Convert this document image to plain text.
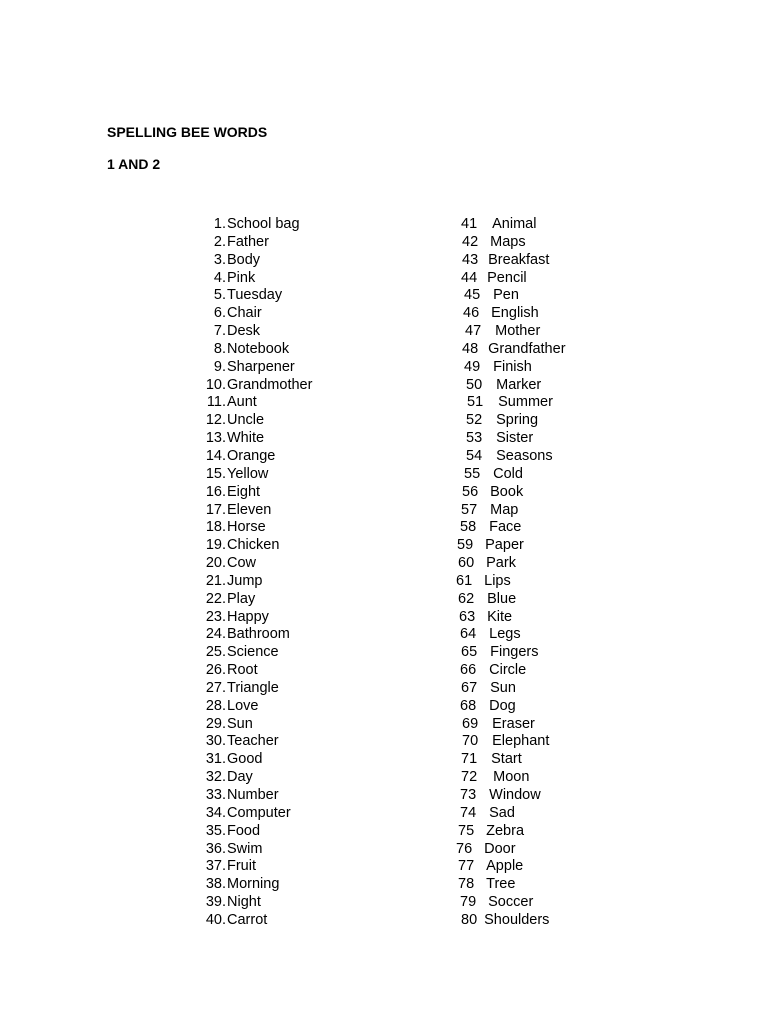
SPELLING BEE WORDS
1 AND 2
1. School bag
2. Father
3. Body
4. Pink
5. Tuesday
6. Chair
7. Desk
8. Notebook
9. Sharpener
10. Grandmother
11. Aunt
12. Uncle
13. White
14. Orange
15. Yellow
16. Eight
17. Eleven
18. Horse
19. Chicken
20. Cow
21. Jump
22. Play
23. Happy
24. Bathroom
25. Science
26. Root
27. Triangle
28. Love
29. Sun
30. Teacher
31. Good
32. Day
33. Number
34. Computer
35. Food
36. Swim
37. Fruit
38. Morning
39. Night
40. Carrot
41 Animal
42 Maps
43 Breakfast
44 Pencil
45 Pen
46 English
47 Mother
48 Grandfather
49 Finish
50 Marker
51 Summer
52 Spring
53 Sister
54 Seasons
55 Cold
56 Book
57 Map
58 Face
59 Paper
60 Park
61 Lips
62 Blue
63 Kite
64 Legs
65 Fingers
66 Circle
67 Sun
68 Dog
69 Eraser
70 Elephant
71 Start
72 Moon
73 Window
74 Sad
75 Zebra
76 Door
77 Apple
78 Tree
79 Soccer
80 Shoulders
